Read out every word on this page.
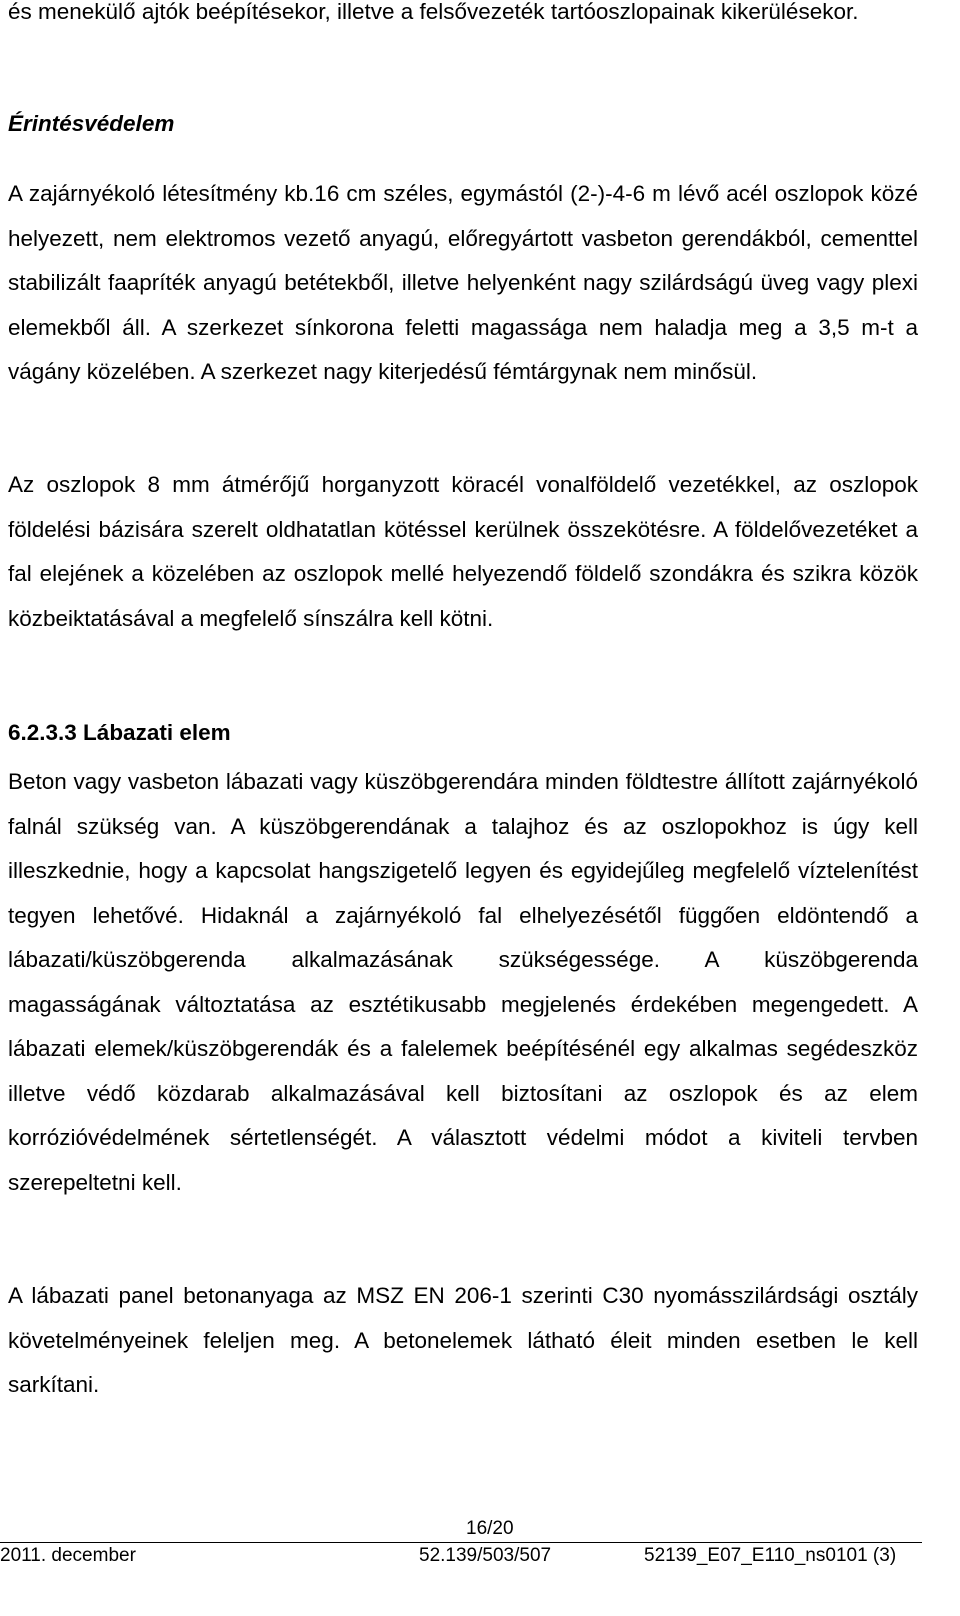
és menekülő ajtók beépítésekor, illetve a felsővezeték tartóoszlopainak kikerülésekor.

Érintésvédelem

A zajárnyékoló létesítmény kb.16 cm széles, egymástól (2-)-4-6 m lévő acél oszlopok közé helyezett, nem elektromos vezető anyagú, előregyártott vasbeton gerendákból, cementtel stabilizált faapríték anyagú betétekből, illetve helyenként nagy szilárdságú üveg vagy plexi elemekből áll. A szerkezet sínkorona feletti magassága nem haladja meg a 3,5 m-t a vágány közelében. A szerkezet nagy kiterjedésű fémtárgynak nem minősül.

Az oszlopok 8 mm átmérőjű horganyzott köracél vonalföldelő vezetékkel, az oszlopok földelési bázisára szerelt oldhatatlan kötéssel kerülnek összekötésre. A földelővezetéket a fal elejének a közelében az oszlopok mellé helyezendő földelő szondákra és szikra közök közbeiktatásával a megfelelő sínszálra kell kötni.

6.2.3.3 Lábazati elem

Beton vagy vasbeton lábazati vagy küszöbgerendára minden földtestre állított zajárnyékoló falnál szükség van. A küszöbgerendának a talajhoz és az oszlopokhoz is úgy kell illeszkednie, hogy a kapcsolat hangszigetelő legyen és egyidejűleg megfelelő víztelenítést tegyen lehetővé. Hidaknál a zajárnyékoló fal elhelyezésétől függően eldöntendő a lábazati/küszöbgerenda alkalmazásának szükségessége. A küszöbgerenda magasságának változtatása az esztétikusabb megjelenés érdekében megengedett. A lábazati elemek/küszöbgerendák és a falelemek beépítésénél egy alkalmas segédeszköz illetve védő közdarab alkalmazásával kell biztosítani az oszlopok és az elem korrózióvédelmének sértetlenségét. A választott védelmi módot a kiviteli tervben szerepeltetni kell.

A lábazati panel betonanyaga az MSZ EN 206-1 szerinti C30 nyomásszilárdsági osztály követelményeinek feleljen meg. A betonelemek látható éleit minden esetben le kell sarkítani.

16/20
2011. december	52.139/503/507	52139_E07_E110_ns0101 (3)
